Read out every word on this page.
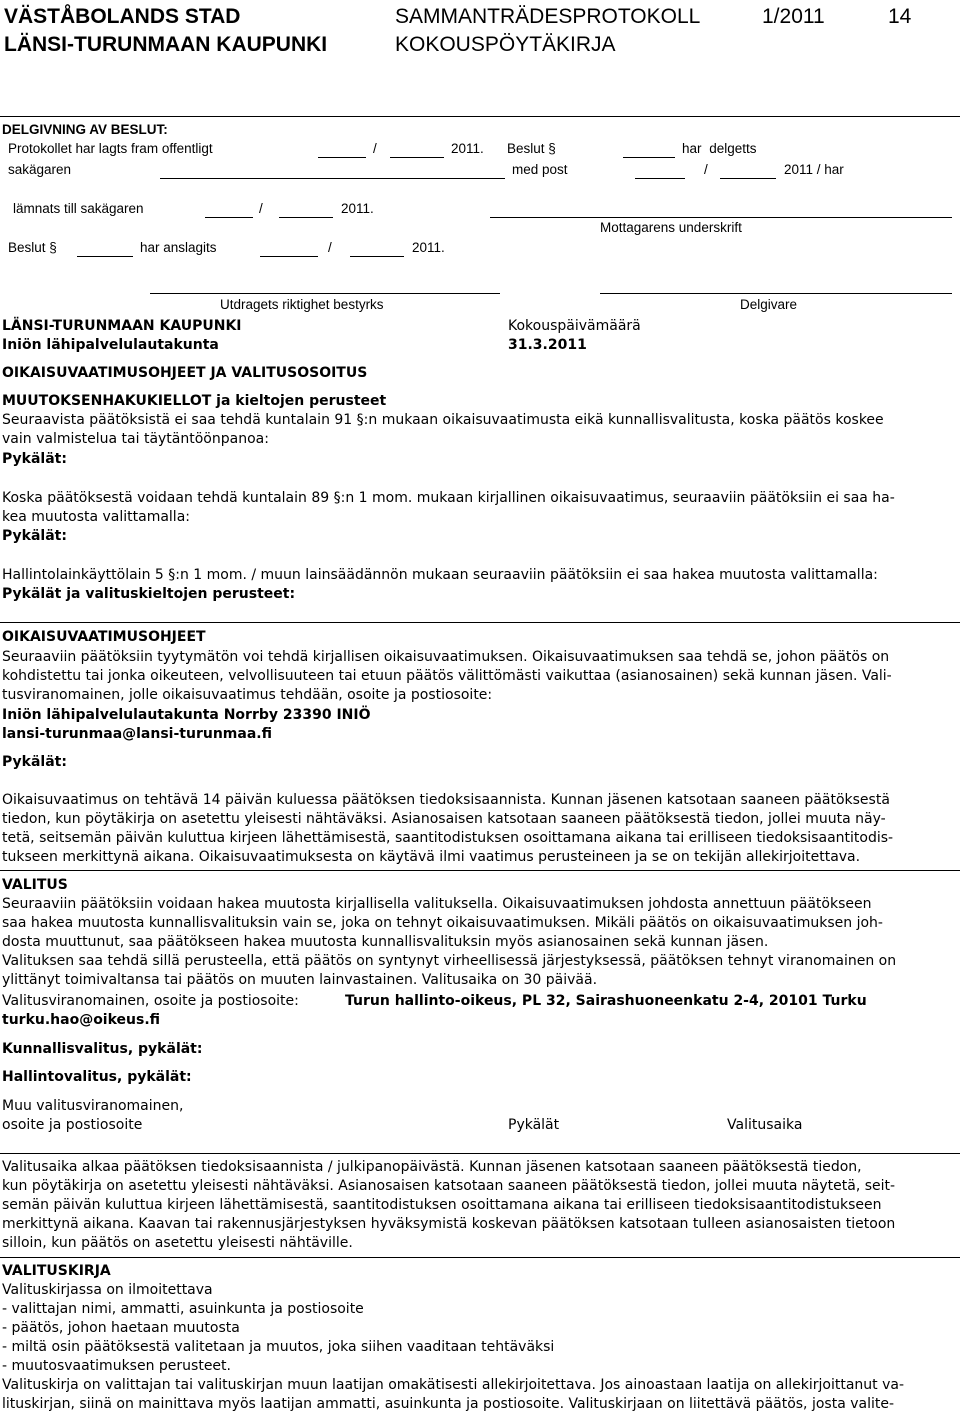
VÄSTÅBOLANDS STAD
LÄNSI-TURUNMAAN KAUPUNKI
SAMMANTRÄDESPROTOKOLL
KOKOUSPÖYTÄKIRJA
1/2011	14
DELGIVNING AV BESLUT:
Protokollet har lagts fram offentligt	/	2011. Beslut §	har delgetts
sakägaren	med post	/	2011 / har
lämnats till sakägaren	/	2011.
Mottagarens underskrift
Beslut §	har anslagits	/	2011.
Utdragets riktighet bestyrks	Delgivare
LÄNSI-TURUNMAAN KAUPUNKI	Kokouspäivämäärä
Iniön lähipalvelulautakunta	31.3.2011
OIKAISUVAATIMUSOHJEET JA VALITUSOSOITUS
MUUTOKSENHAKUKIELLOT ja kieltojen perusteet
Seuraavista päätöksistä ei saa tehdä kuntalain 91 §:n mukaan oikaisuvaatimusta eikä kunnallisvalitusta, koska päätös koskee
vain valmistelua tai täytäntöönpanoa:
Pykälät:
Koska päätöksestä voidaan tehdä kuntalain 89 §:n 1 mom. mukaan kirjallinen oikaisuvaatimus, seuraaviin päätöksiin ei saa ha-
kea muutosta valittamalla:
Pykälät:
Hallintolainkäyttölain 5 §:n 1 mom. / muun lainsäädännön mukaan seuraaviin päätöksiin ei saa hakea muutosta valittamalla:
Pykälät ja valituskieltojen perusteet:
OIKAISUVAATIMUSOHJEET
Seuraaviin päätöksiin tyytymätön voi tehdä kirjallisen oikaisuvaatimuksen. Oikaisuvaatimuksen saa tehdä se, johon päätös on
kohdistettu tai jonka oikeuteen, velvollisuuteen tai etuun päätös välittömästi vaikuttaa (asianosainen) sekä kunnan jäsen. Vali-
tusviranomainen, jolle oikaisuvaatimus tehdään, osoite ja postiosoite:
Iniön lähipalvelulautakunta Norrby 23390 INIÖ
lansi-turunmaa@lansi-turunmaa.fi
Pykälät:
Oikaisuvaatimus on tehtävä 14 päivän kuluessa päätöksen tiedoksisaannista. Kunnan jäsenen katsotaan saaneen päätöksestä
tiedon, kun pöytäkirja on asetettu yleisesti nähtäväksi. Asianosaisen katsotaan saaneen päätöksestä tiedon, jollei muuta näy-
tetä, seitsemän päivän kuluttua kirjeen lähettämisestä, saantitodistuksen osoittamana aikana tai erilliseen tiedoksisaantitodis-
tukseen merkittynä aikana. Oikaisuvaatimuksesta on käytävä ilmi vaatimus perusteineen ja se on tekijän allekirjoitettava.
VALITUS
Seuraaviin päätöksiin voidaan hakea muutosta kirjallisella valituksella. Oikaisuvaatimuksen johdosta annettuun päätökseen
saa hakea muutosta kunnallisvalituksin vain se, joka on tehnyt oikaisuvaatimuksen. Mikäli päätös on oikaisuvaatimuksen joh-
dosta muuttunut, saa päätökseen hakea muutosta kunnallisvalituksin myös asianosainen sekä kunnan jäsen.
Valituksen saa tehdä sillä perusteella, että päätös on syntynyt virheellisessä järjestyksessä, päätöksen tehnyt viranomainen on
ylittänyt toimivaltansa tai päätös on muuten lainvastainen. Valitusaika on 30 päivää.
Valitusviranomainen, osoite ja postiosoite:	Turun hallinto-oikeus, PL 32, Sairashuoneenkatu 2-4, 20101 Turku
turku.hao@oikeus.fi
Kunnallisvalitus, pykälät:
Hallintovalitus, pykälät:
Muu valitusviranomainen,
osoite ja postiosoite	Pykälät	Valitusaika
Valitusaika alkaa päätöksen tiedoksisaannista / julkipanopäivästä. Kunnan jäsenen katsotaan saaneen päätöksestä tiedon,
kun pöytäkirja on asetettu yleisesti nähtäväksi. Asianosaisen katsotaan saaneen päätöksestä tiedon, jollei muuta näytetä, seit-
semän päivän kuluttua kirjeen lähettämisestä, saantitodistuksen osoittamana aikana tai erilliseen tiedoksisaantitodistukseen
merkittynä aikana. Kaavan tai rakennusjärjestyksen hyväksymistä koskevan päätöksen katsotaan tulleen asianosaisten tietoon
silloin, kun päätös on asetettu yleisesti nähtäville.
VALITUSKIRJA
Valituskirjassa on ilmoitettava
- valittajan nimi, ammatti, asuinkunta ja postiosoite
- päätös, johon haetaan muutosta
- miltä osin päätöksestä valitetaan ja muutos, joka siihen vaaditaan tehtäväksi
- muutosvaatimuksen perusteet.
Valituskirja on valittajan tai valituskirjan muun laatijan omakätisesti allekirjoitettava. Jos ainoastaan laatija on allekirjoittanut va-
lituskirjan, siinä on mainittava myös laatijan ammatti, asuinkunta ja postiosoite. Valituskirjaan on liitettävä päätös, josta valite-
